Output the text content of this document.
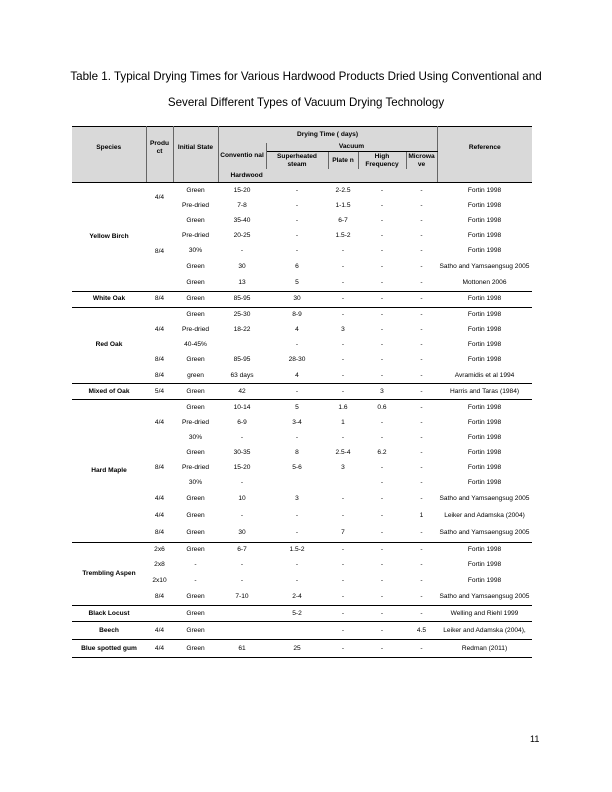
Table 1. Typical Drying Times for Various Hardwood Products Dried Using Conventional and
Several Different Types of Vacuum Drying Technology
Species	Produ ct	Initial State	Drying Time ( days)					Reference
			Conventio nal	Vacuum				
				Superheated steam	Plate n	High Frequency	Microwa ve	
			Hardwood					
Yellow Birch	4/4	Green	15-20	-	2-2.5	-	-	Fortin 1998
		Pre-dried	7-8	-	1-1.5	-	-	Fortin 1998
	8/4	Green	35-40	-	6-7	-	-	Fortin 1998
		Pre-dried	20-25	-	1.5-2	-	-	Fortin 1998
		30%	-	-	-	-	-	Fortin 1998
		Green	30	6	-	-	-	Satho and Yamsaengsug 2005
		Green	13	5	-	-	-	Mottonen 2006
White Oak	8/4	Green	85-95	30	-	-	-	Fortin 1998
Red Oak	4/4	Green	25-30	8-9	-	-	-	Fortin 1998
		Pre-dried	18-22	4	3	-	-	Fortin 1998
		40-45%		-	-	-	-	Fortin 1998
	8/4	Green	85-95	28-30	-	-	-	Fortin 1998
	8/4	green	63 days	4	-	-	-	Avramidis et al 1994
Mixed of Oak	5/4	Green	42	-	-	3	-	Harris and Taras (1984)
Hard Maple	4/4	Green	10-14	5	1.6	0.6	-	Fortin 1998
		Pre-dried	6-9	3-4	1	-	-	Fortin 1998
		30%	-	-	-	-	-	Fortin 1998
	8/4	Green	30-35	8	2.5-4	6.2	-	Fortin 1998
		Pre-dried	15-20	5-6	3	-	-	Fortin 1998
		30%	-			-	-	Fortin 1998
	4/4	Green	10	3	-	-	-	Satho and Yamsaengsug 2005
	4/4	Green	-	-	-	-	1	Leiker and Adamska (2004)
	8/4	Green	30	-	7	-	-	Satho and Yamsaengsug 2005
Trembling Aspen	2x6	Green	6-7	1.5-2	-	-	-	Fortin 1998
	2x8	-	-	-	-	-	-	Fortin 1998
	2x10	-	-	-	-	-	-	Fortin 1998
	8/4	Green	7-10	2-4	-	-	-	Satho and Yamsaengsug 2005
Black Locust		Green		5-2	-	-	-	Welling and Riehl 1999
Beech	4/4	Green			-	-	4.5	Leiker and Adamska (2004),
Blue spotted gum	4/4	Green	61	25	-	-	-	Redman (2011)
11
